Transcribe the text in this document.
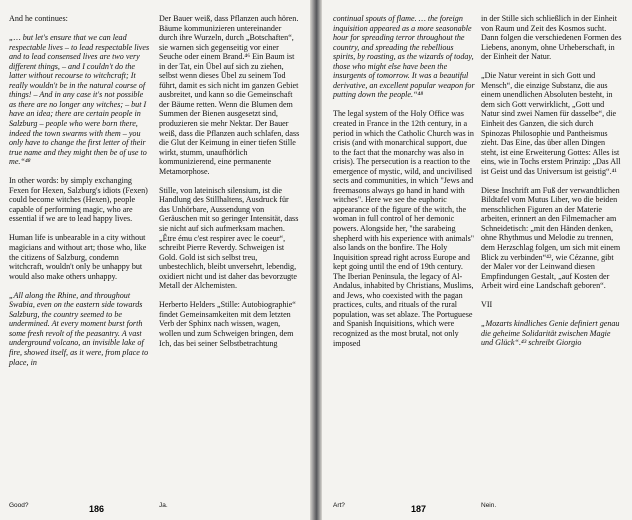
And he continues:

„… but let's ensure that we can lead respectable lives – to lead respectable lives and to lead consensed lives are two very different things, – and I couldn't do the latter without recourse to witchcraft; It really wouldn't be in the natural course of things! – And in any case it's not possible as there are no longer any witches; – but I have an idea; there are certain people in Salzburg – people who were born there, indeed the town swarms with them – you only have to change the first letter of their true name and they might then be of use to me.“⁴⁸

In other words: by simply exchanging Fexen for Hexen, Salzburg's idiots (Fexen) could become witches (Hexen), people capable of performing magic, who are essential if we are to lead happy lives.

Human life is unbearable in a city without magicians and without art; those who, like the citizens of Salzburg, condemn witchcraft, wouldn't only be unhappy but would also make others unhappy.

„All along the Rhine, and throughout Swabia, even on the eastern side towards Salzburg, the country seemed to be undermined. At every moment burst forth some fresh revolt of the peasantry. A vast underground volcano, an invisible lake of fire, showed itself, as it were, from place to place, in

Der Bauer weiß, dass Pflanzen auch hören. Bäume kommunizieren untereinander durch ihre Wurzeln, durch „Botschaften“, sie warnen sich gegenseitig vor einer Seuche oder einem Brand.⁴⁶ Ein Baum ist in der Tat, ein Übel auf sich zu ziehen, selbst wenn dieses Übel zu seinem Tod führt, damit es sich nicht im ganzen Gebiet ausbreitet, und kann so die Gemeinschaft der Bäume retten. Wenn die Blumen dem Summen der Bienen ausgesetzt sind, produzieren sie mehr Nektar. Der Bauer weiß, dass die Pflanzen auch schlafen, dass die Glut der Keimung in einer tiefen Stille wirkt, stumm, unaufhörlich kommunizierend, eine permanente Metamorphose.

Stille, von lateinisch silensium, ist die Handlung des Stillhaltens, Ausdruck für das Unhörbare, Aussendung von Geräuschen mit so geringer Intensität, dass sie nicht auf sich aufmerksam machen. „Être ému c'est respirer avec le coeur“, schreibt Pierre Reverdy. Schweigen ist Gold. Gold ist sich selbst treu, unbestechlich, bleibt unversehrt, lebendig, oxidiert nicht und ist daher das bevorzugte Metall der Alchemisten.

Herberto Helders „Stille: Autobiographie“ findet Gemeinsamkeiten mit dem letzten Verb der Sphinx nach wissen, wagen, wollen und zum Schweigen bringen, dem Ich, das bei seiner Selbstbetrachtung

Good?	186	Ja.

continual spouts of flame. … the foreign inquisition appeared as a more seasonable hour for spreading terror throughout the country, and spreading the rebellious spirits, by roasting, as the wizards of today, those who might else have been the insurgents of tomorrow. It was a beautiful derivative, an excellent popular weapon for putting down the people.“⁴⁸

The legal system of the Holy Office was created in France in the 12th century, in a period in which the Catholic Church was in crisis (and with monarchical support, due to the fact that the monarchy was also in crisis). The persecution is a reaction to the emergence of mystic, wild, and uncivilised sects and communities, in which "Jews and freemasons always go hand in hand with witches". Here we see the euphoric appearance of the figure of the witch, the woman in full control of her demonic powers. Alongside her, "the sarabeing shepherd with his experience with animals" also lands on the bonfire. The Holy Inquisition spread right across Europe and kept going until the end of 19th century. The Iberian Peninsula, the legacy of Al-Andalus, inhabited by Christians, Muslims, and Jews, who coexisted with the pagan practices, cults, and rituals of the rural population, was set ablaze. The Portuguese and Spanish Inquisitions, which were recognized as the most brutal, not only imposed

in der Stille sich schließlich in der Einheit von Raum und Zeit des Kosmos sucht. Dann folgen die verschiedenen Formen des Liebens, anonym, ohne Urheberschaft, in der Einheit der Natur.

„Die Natur vereint in sich Gott und Mensch“, die einzige Substanz, die aus einem unendlichen Absoluten besteht, in dem sich Gott verwirklicht, „Gott und Natur sind zwei Namen für dasselbe“, die Einheit des Ganzen, die sich durch Spinozas Philosophie und Pantheismus zieht. Das Eine, das über allen Dingen steht, ist eine Erweiterung Gottes: Alles ist eins, wie in Tochs erstem Prinzip: „Das All ist Geist und das Universum ist geistig“.⁴¹

Diese Inschrift am Fuß der verwandtlichen Bildtafel vom Mutus Liber, wo die beiden menschlichen Figuren an der Materie arbeiten, erinnert an den Filmemacher am Schneidetisch: „mit den Händen denken, ohne Rhythmus und Melodie zu trennen, dem Herzschlag folgen, um sich mit einem Blick zu verbinden“⁴², wie Cézanne, gibt der Maler vor der Leinwand diesen Empfindungen Gestalt, „auf Kosten der Arbeit wird eine Landschaft geboren“.

VII

„Mozarts kindliches Genie definiert genau die geheime Solidarität zwischen Magie und Glück“.⁴³ schreibt Giorgio

Art?	187	Nein.
